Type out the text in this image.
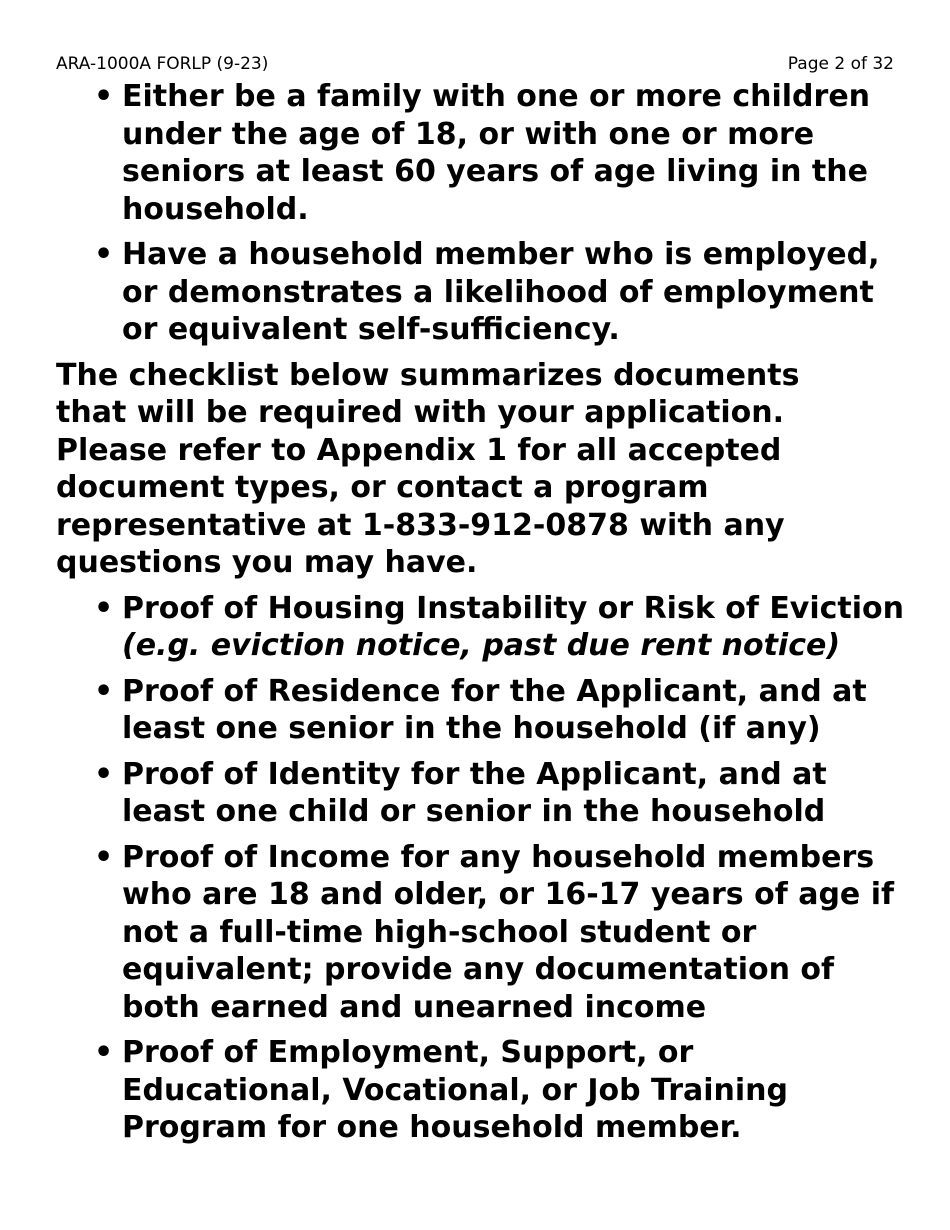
ARA-1000A FORLP (9-23)	Page 2 of 32
• Either be a family with one or more children under the age of 18, or with one or more seniors at least 60 years of age living in the household.
• Have a household member who is employed, or demonstrates a likelihood of employment or equivalent self-sufficiency.

The checklist below summarizes documents that will be required with your application. Please refer to Appendix 1 for all accepted document types, or contact a program representative at 1-833-912-0878 with any questions you may have.

• Proof of Housing Instability or Risk of Eviction (e.g. eviction notice, past due rent notice)
• Proof of Residence for the Applicant, and at least one senior in the household (if any)
• Proof of Identity for the Applicant, and at least one child or senior in the household
• Proof of Income for any household members who are 18 and older, or 16-17 years of age if not a full-time high-school student or equivalent; provide any documentation of both earned and unearned income
• Proof of Employment, Support, or Educational, Vocational, or Job Training Program for one household member.
